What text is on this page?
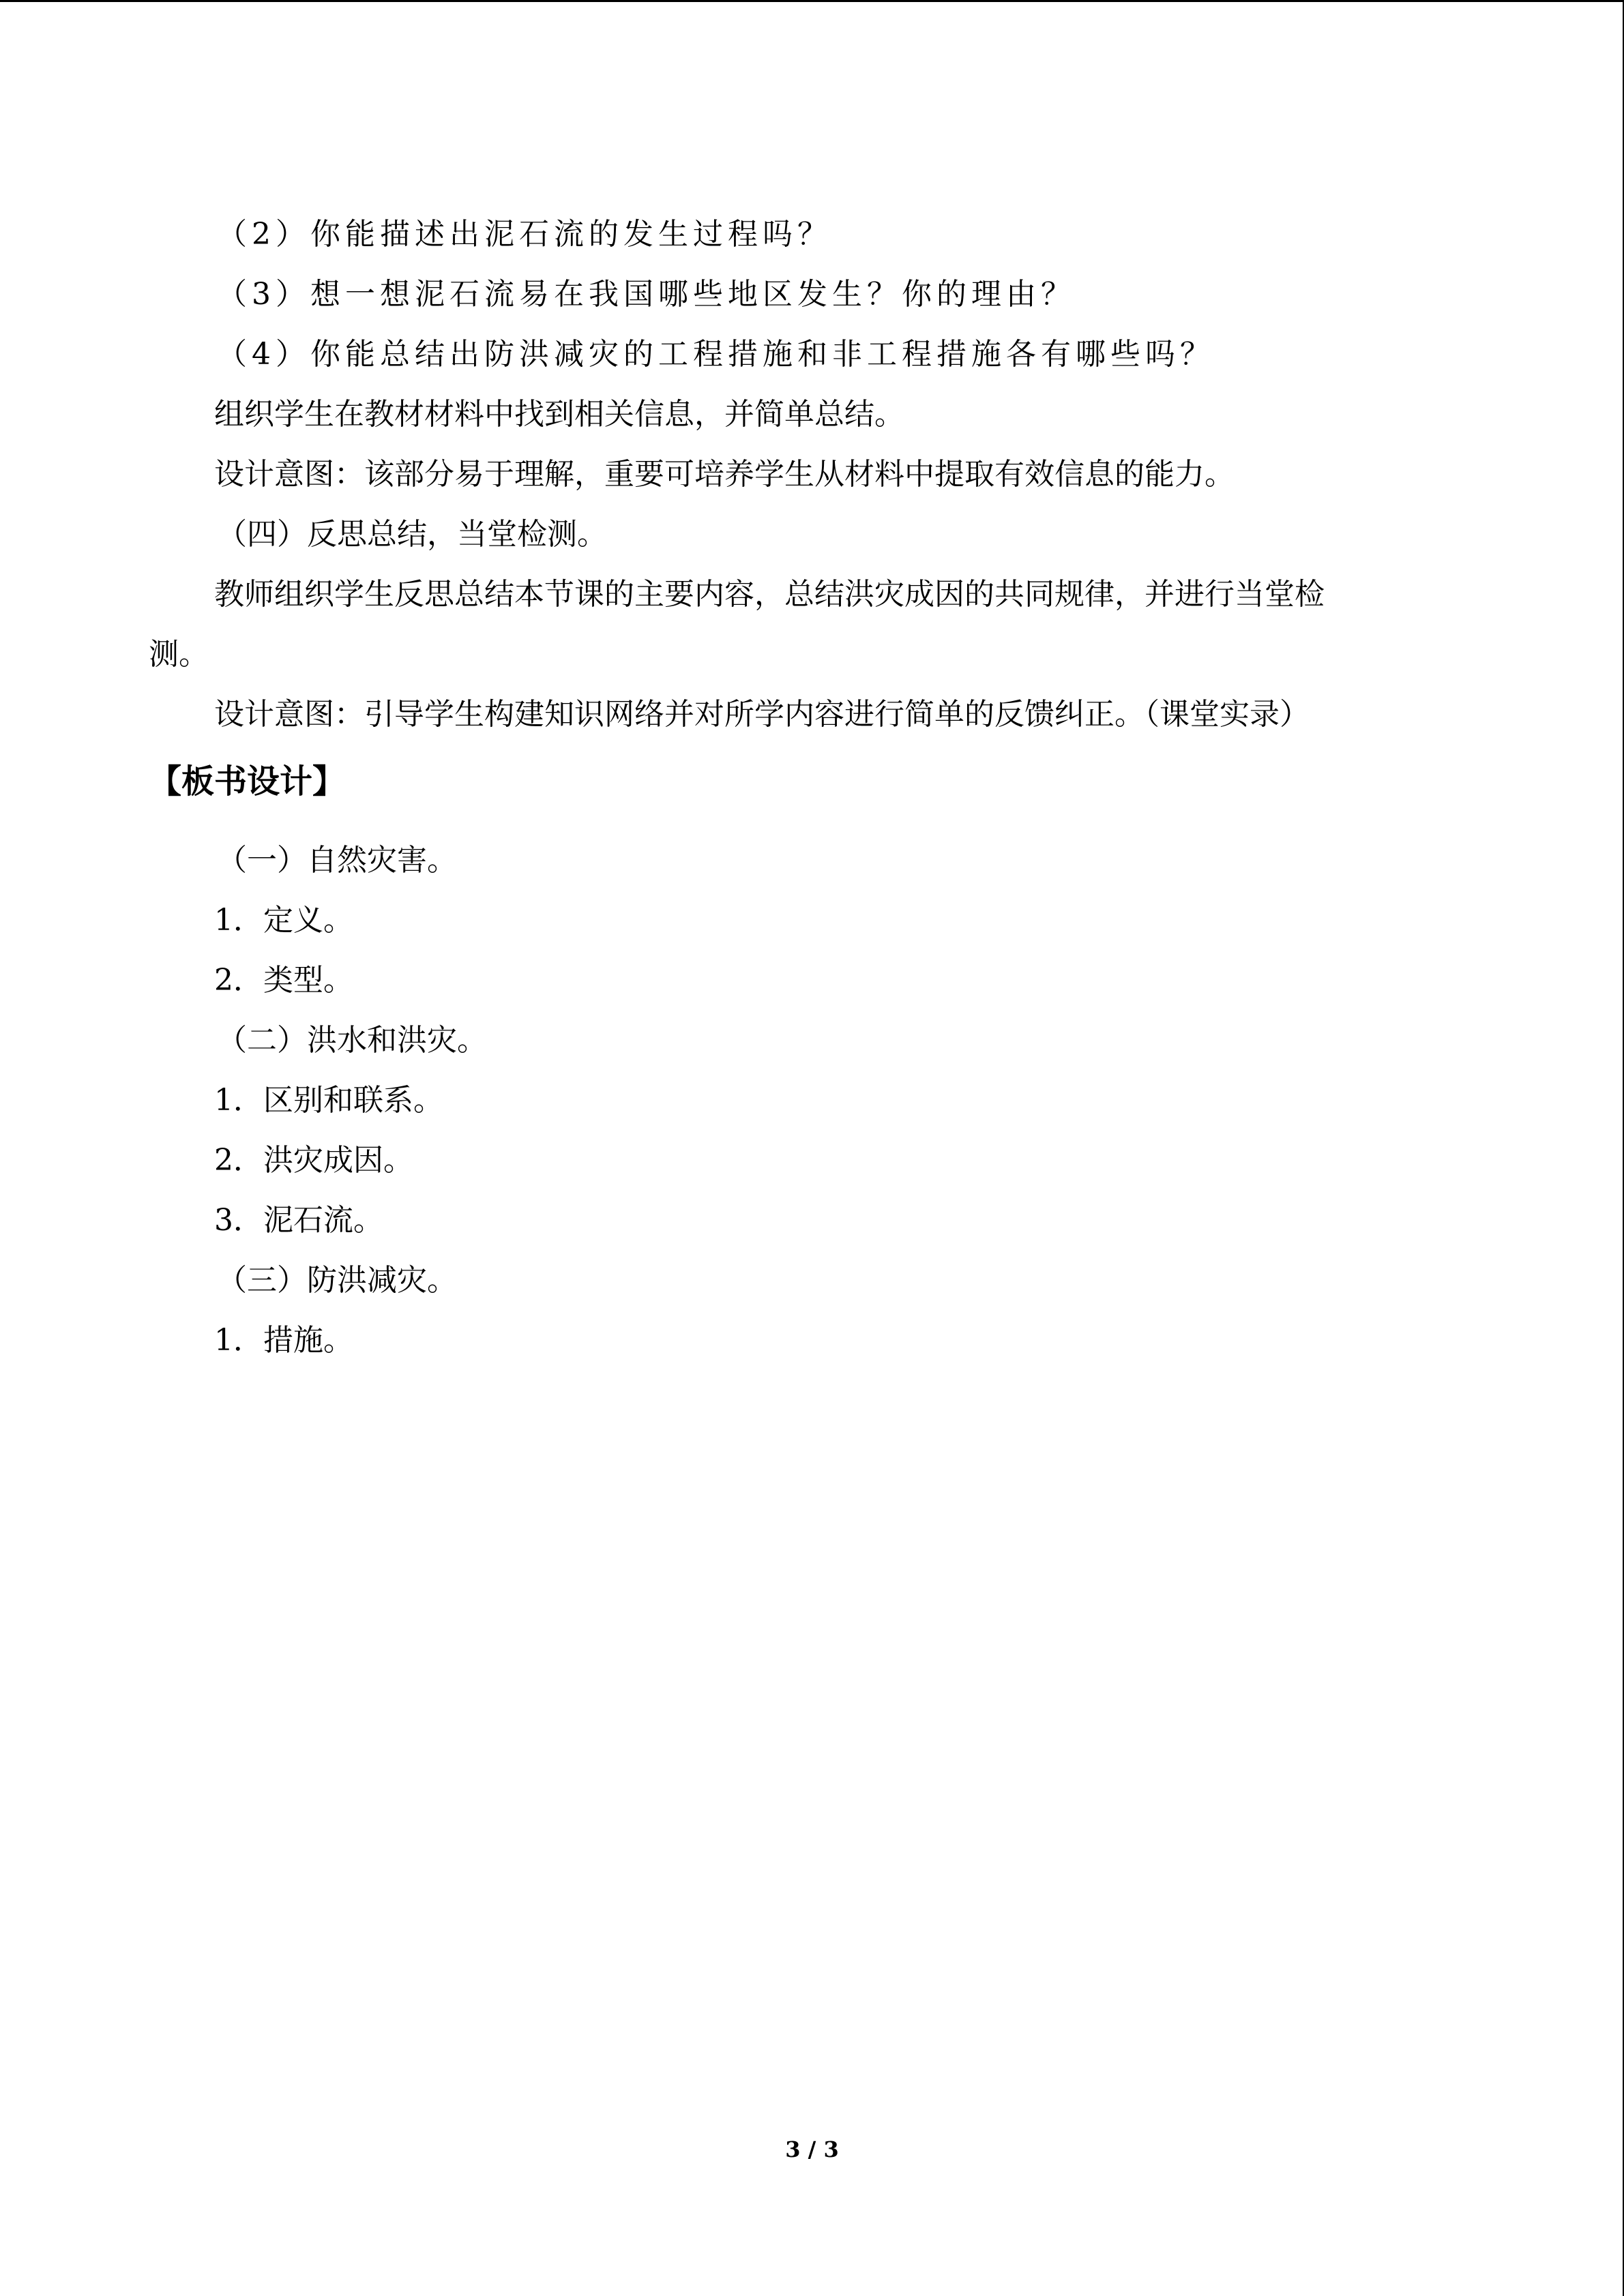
（2）你能描述出泥石流的发生过程吗？
（3）想一想泥石流易在我国哪些地区发生？你的理由？
（4）你能总结出防洪减灾的工程措施和非工程措施各有哪些吗？
组织学生在教材材料中找到相关信息，并简单总结。
设计意图：该部分易于理解，重要可培养学生从材料中提取有效信息的能力。
（四）反思总结，当堂检测。
教师组织学生反思总结本节课的主要内容，总结洪灾成因的共同规律，并进行当堂检
测。
设计意图：引导学生构建知识网络并对所学内容进行简单的反馈纠正。（课堂实录）
【板书设计】
（一）自然灾害。
1．定义。
2．类型。
（二）洪水和洪灾。
1．区别和联系。
2．洪灾成因。
3．泥石流。
（三）防洪减灾。
1．措施。
3 / 3
